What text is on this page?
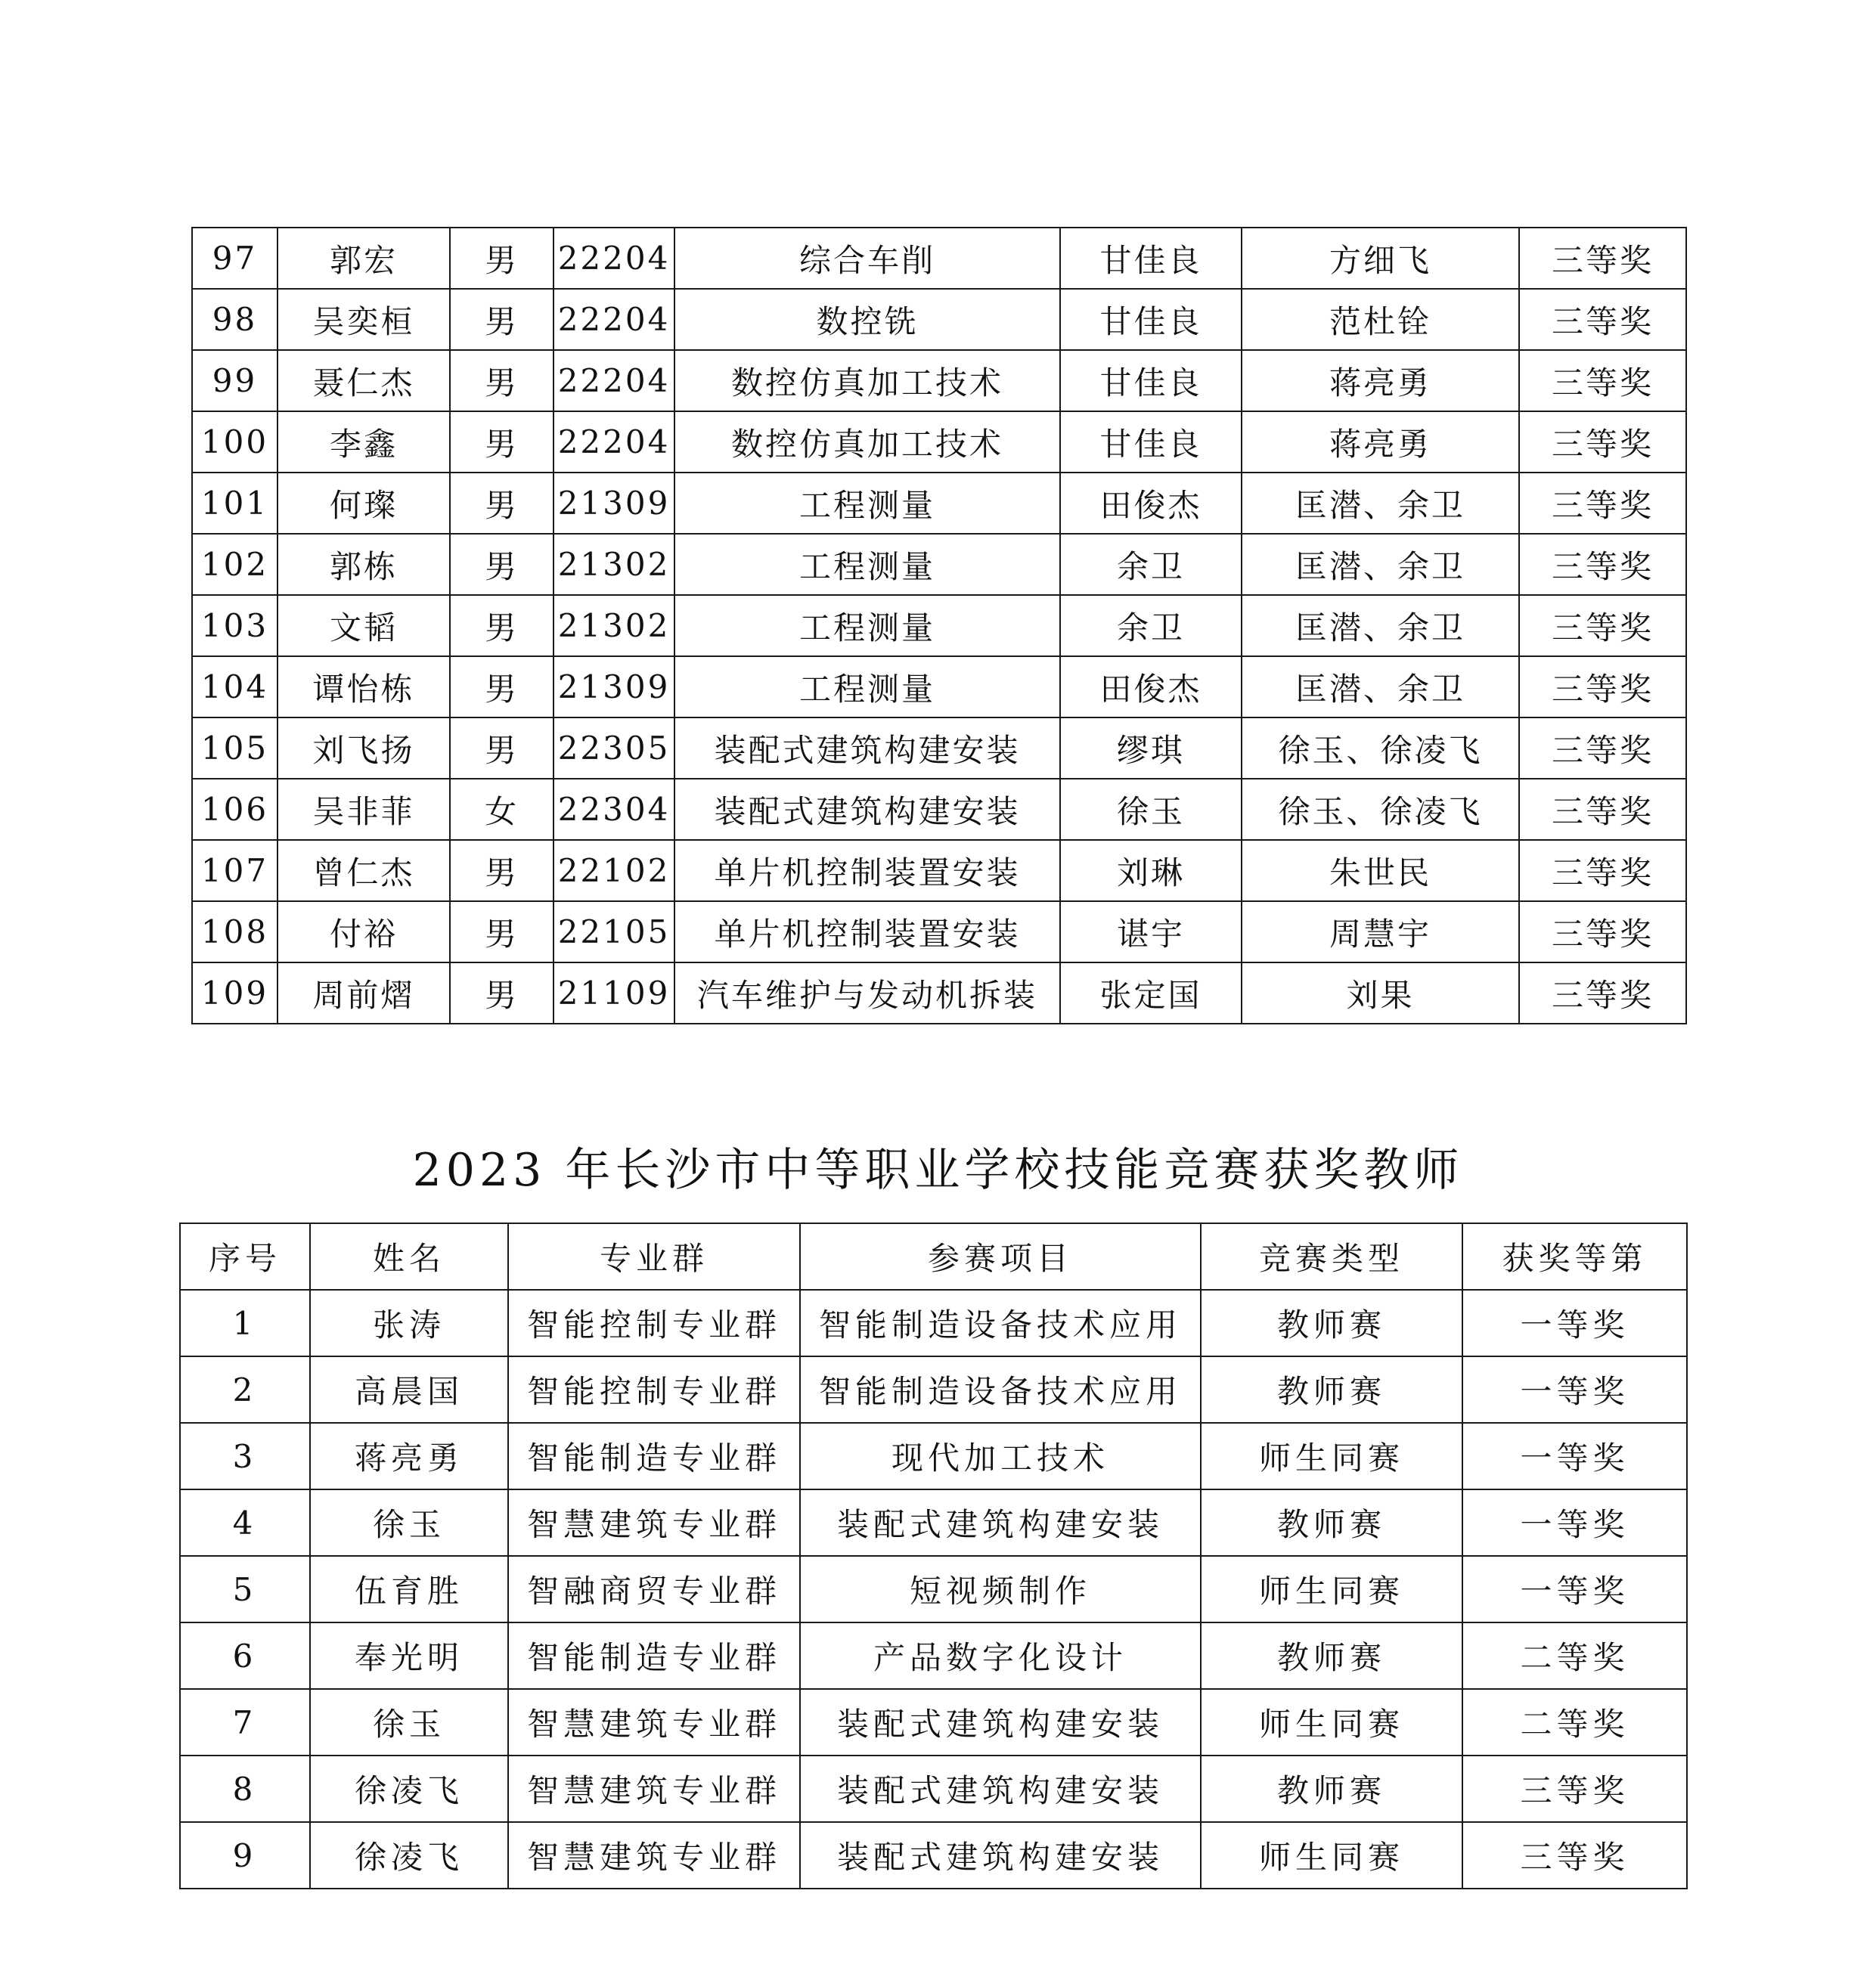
97	郭宏	男	22204	综合车削	甘佳良	方细飞	三等奖
98	吴奕桓	男	22204	数控铣	甘佳良	范杜铨	三等奖
99	聂仁杰	男	22204	数控仿真加工技术	甘佳良	蒋亮勇	三等奖
100	李鑫	男	22204	数控仿真加工技术	甘佳良	蒋亮勇	三等奖
101	何璨	男	21309	工程测量	田俊杰	匡潜、余卫	三等奖
102	郭栋	男	21302	工程测量	余卫	匡潜、余卫	三等奖
103	文韬	男	21302	工程测量	余卫	匡潜、余卫	三等奖
104	谭怡栋	男	21309	工程测量	田俊杰	匡潜、余卫	三等奖
105	刘飞扬	男	22305	装配式建筑构建安装	缪琪	徐玉、徐凌飞	三等奖
106	吴非菲	女	22304	装配式建筑构建安装	徐玉	徐玉、徐凌飞	三等奖
107	曾仁杰	男	22102	单片机控制装置安装	刘琳	朱世民	三等奖
108	付裕	男	22105	单片机控制装置安装	谌宇	周慧宇	三等奖
109	周前熠	男	21109	汽车维护与发动机拆装	张定国	刘果	三等奖
2023 年长沙市中等职业学校技能竞赛获奖教师
序号	姓名	专业群	参赛项目	竞赛类型	获奖等第
1	张涛	智能控制专业群	智能制造设备技术应用	教师赛	一等奖
2	高晨国	智能控制专业群	智能制造设备技术应用	教师赛	一等奖
3	蒋亮勇	智能制造专业群	现代加工技术	师生同赛	一等奖
4	徐玉	智慧建筑专业群	装配式建筑构建安装	教师赛	一等奖
5	伍育胜	智融商贸专业群	短视频制作	师生同赛	一等奖
6	奉光明	智能制造专业群	产品数字化设计	教师赛	二等奖
7	徐玉	智慧建筑专业群	装配式建筑构建安装	师生同赛	二等奖
8	徐凌飞	智慧建筑专业群	装配式建筑构建安装	教师赛	三等奖
9	徐凌飞	智慧建筑专业群	装配式建筑构建安装	师生同赛	三等奖
